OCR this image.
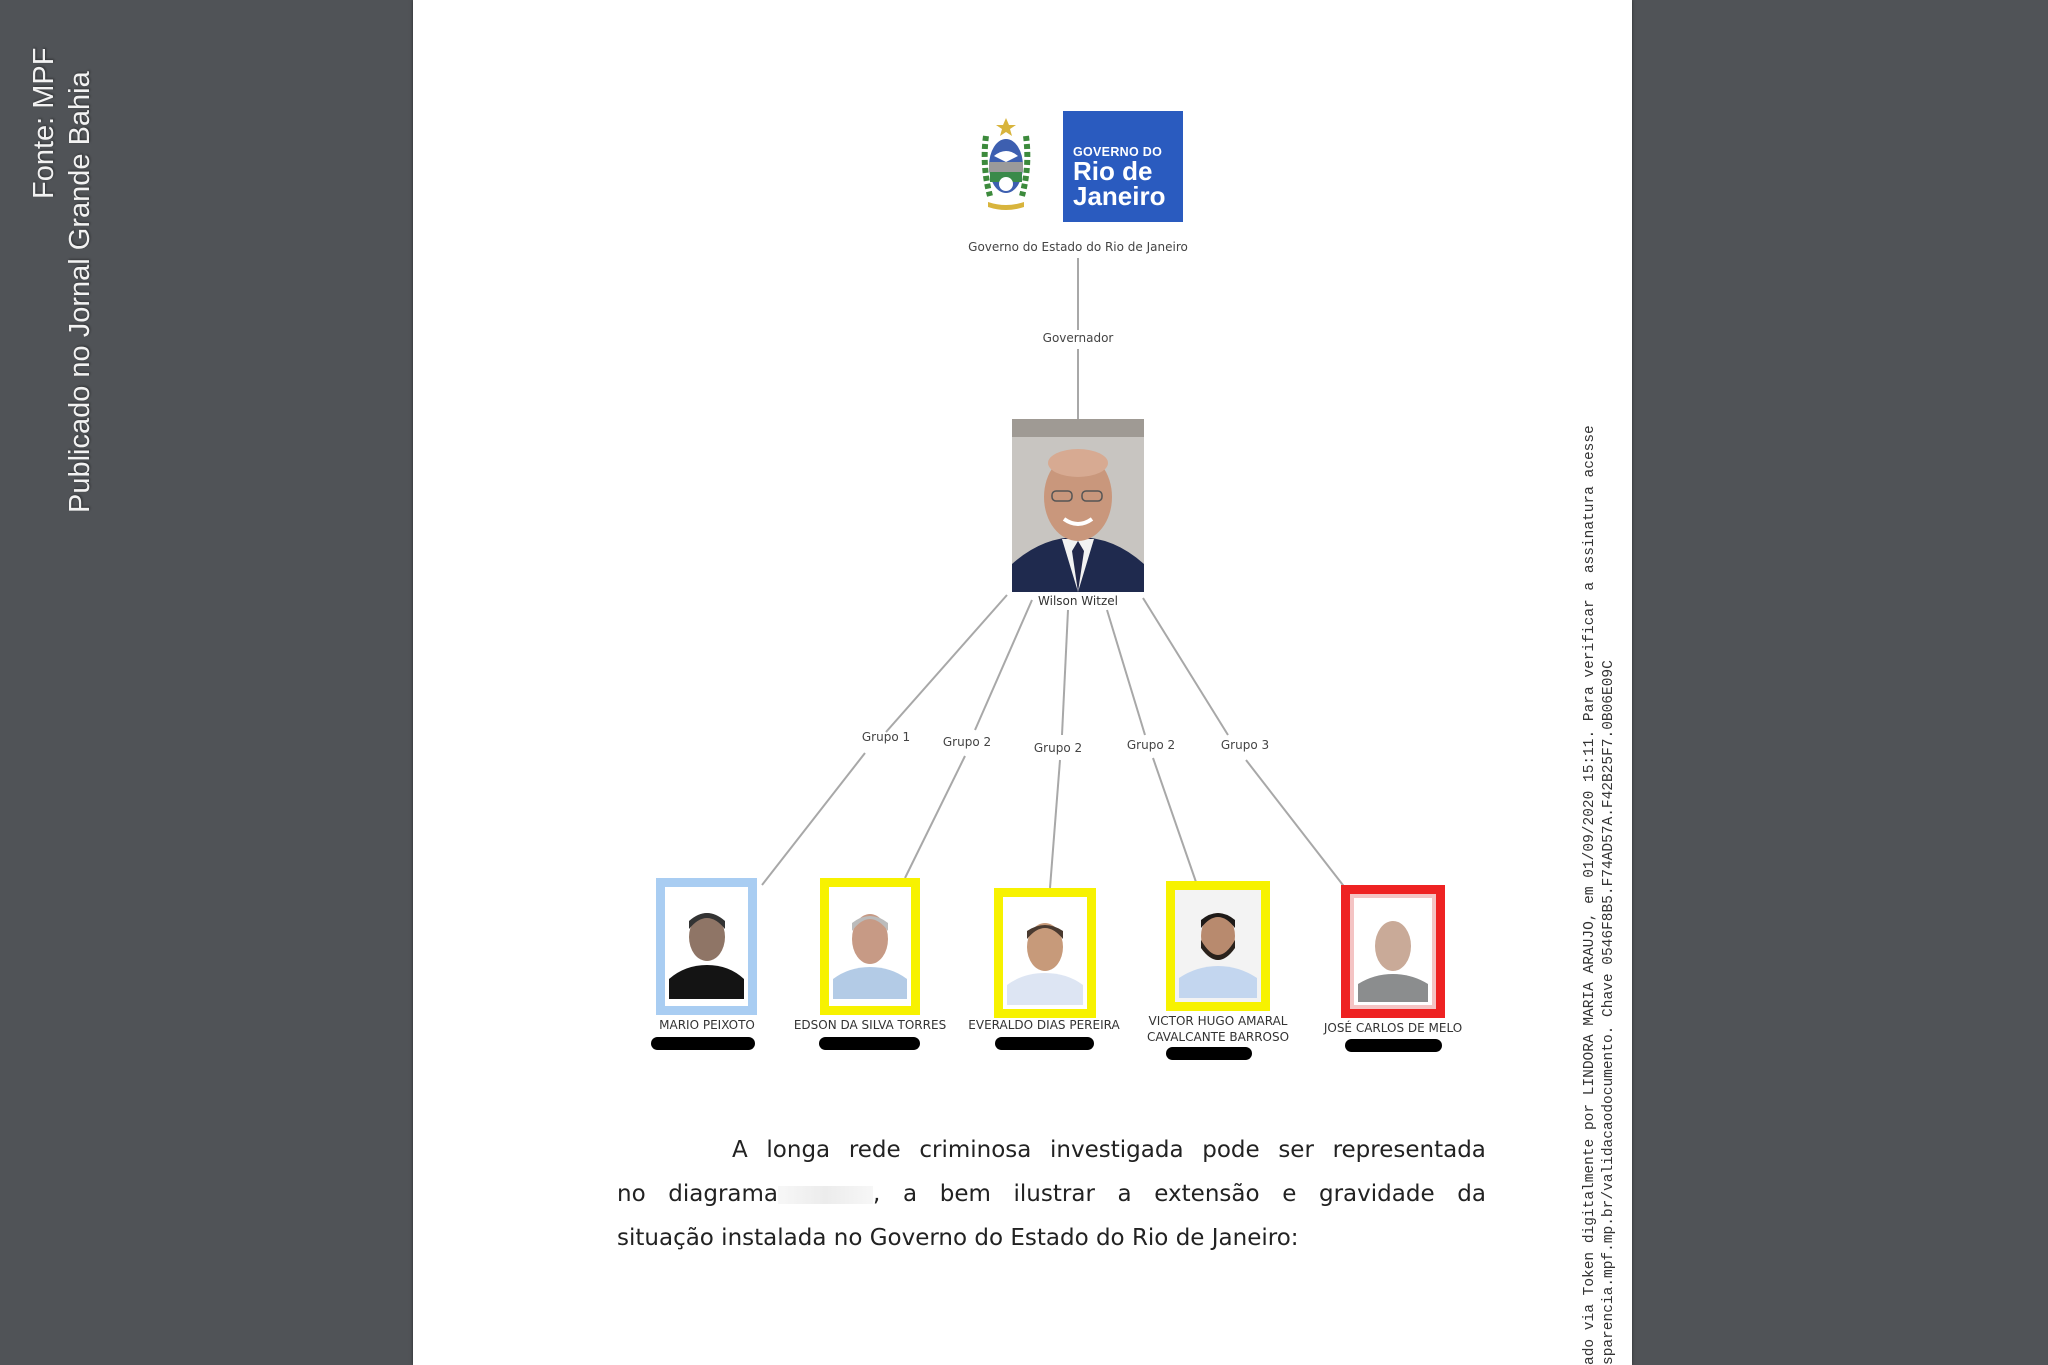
Fonte: MPF Publicado no Jornal Grande Bahia	GOVERNO DO
Rio de
Janeiro
Governo do Estado do Rio de Janeiro
Governador
Wilson Witzel
Grupo 1	Grupo 2	Grupo 2	Grupo 2	Grupo 3
MARIO PEIXOTO	EDSON DA SILVA TORRES EVERALDO DIAS PEREIRA VICTOR HUGO AMARAL
CAVALCANTE BARROSO
JOSÉ CARLOS DE MELO
A longa rede criminosa investigada pode ser representada
no diagrama	, a bem ilustrar a extensão e gravidade da
situação instalada no Governo do Estado do Rio de Janeiro:	ado via Token digitalmente por LINDORA MARIA ARAUJO, em 01/09/2020 15:11. Para verificar a assinatura acesse sparencia.mpf.mp.br/validacaodocumento. Chave 0546F8B5.F74AD57A.F42B25F7.0B06E09C
